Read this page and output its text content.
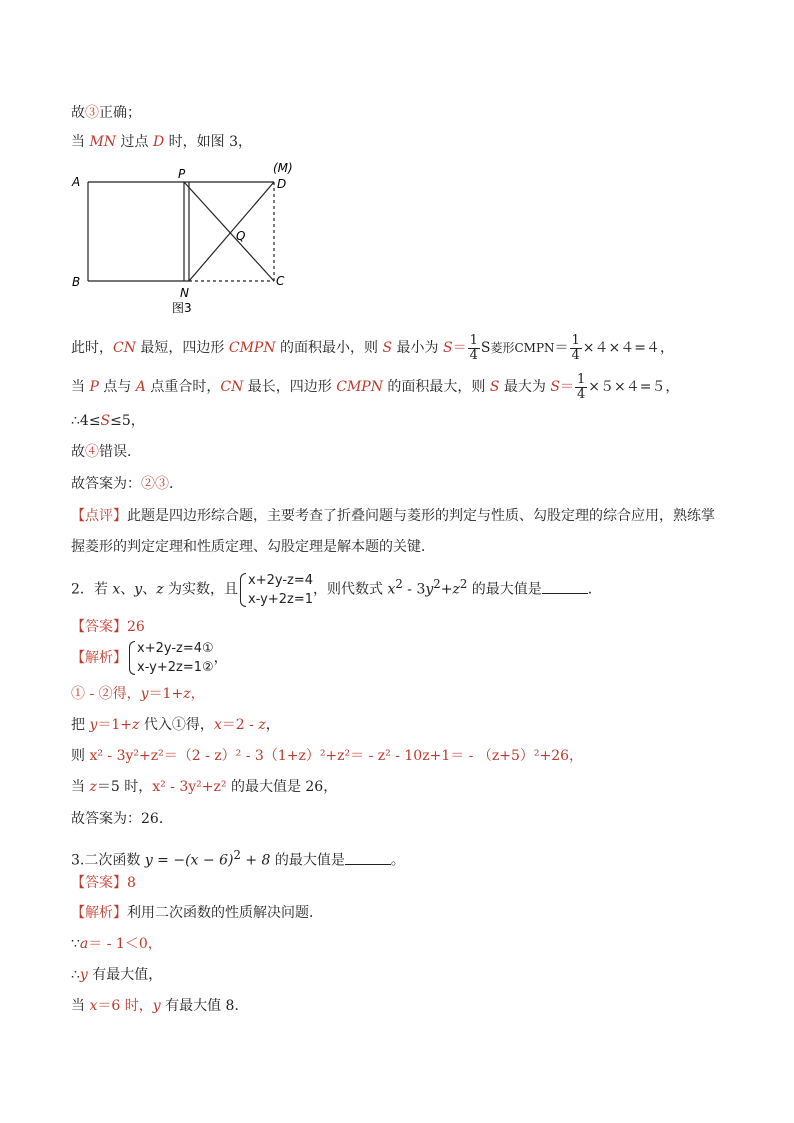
故③正确；
当 MN 过点 D 时，如图 3，
A
B
P
N
D
(M)
Q
C
图3
此时，CN 最短，四边形 CMPN 的面积最小，则 S 最小为 $S= \frac{1}{4}$ S菱形CMPN＝ $\frac{1}{4} \times 4\times 4=4$，
当 P 点与 A 点重合时，CN 最长，四边形 CMPN 的面积最大，则 S 最大为 $S= \frac{1}{4} \times 5\times 4=5$，
∴4≤S≤5，
故④错误．
故答案为：②③．
【点评】此题是四边形综合题，主要考查了折叠问题与菱形的判定与性质、勾股定理的综合应用，熟练掌
握菱形的判定定理和性质定理、勾股定理是解本题的关键．
2．若 x、y、z 为实数，且
x+2y-z=4
x-y+2z=1
，则代数式 $x^2 - 3y^2+z^2$ 的最大值是	．
【答案】26
【解析】
x+2y-z=4①
x-y+2z=1②
，
① - ②得，y＝1+z，
把 y＝1+z 代入①得，x＝2 - z，
则 x² - 3y²+z²＝（2 - z）² - 3（1+z）²+z²＝ - z² - 10z+1＝ - （z+5）²+26，
当 z＝5 时，x² - 3y²+z² 的最大值是 26，
故答案为：26．
3.二次函数 $y = -(x - 6)^2 + 8$ 的最大值是	。
【答案】8
【解析】利用二次函数的性质解决问题．
∵a＝ - 1＜0，
∴y 有最大值，
当 x＝6 时，y 有最大值 8．
